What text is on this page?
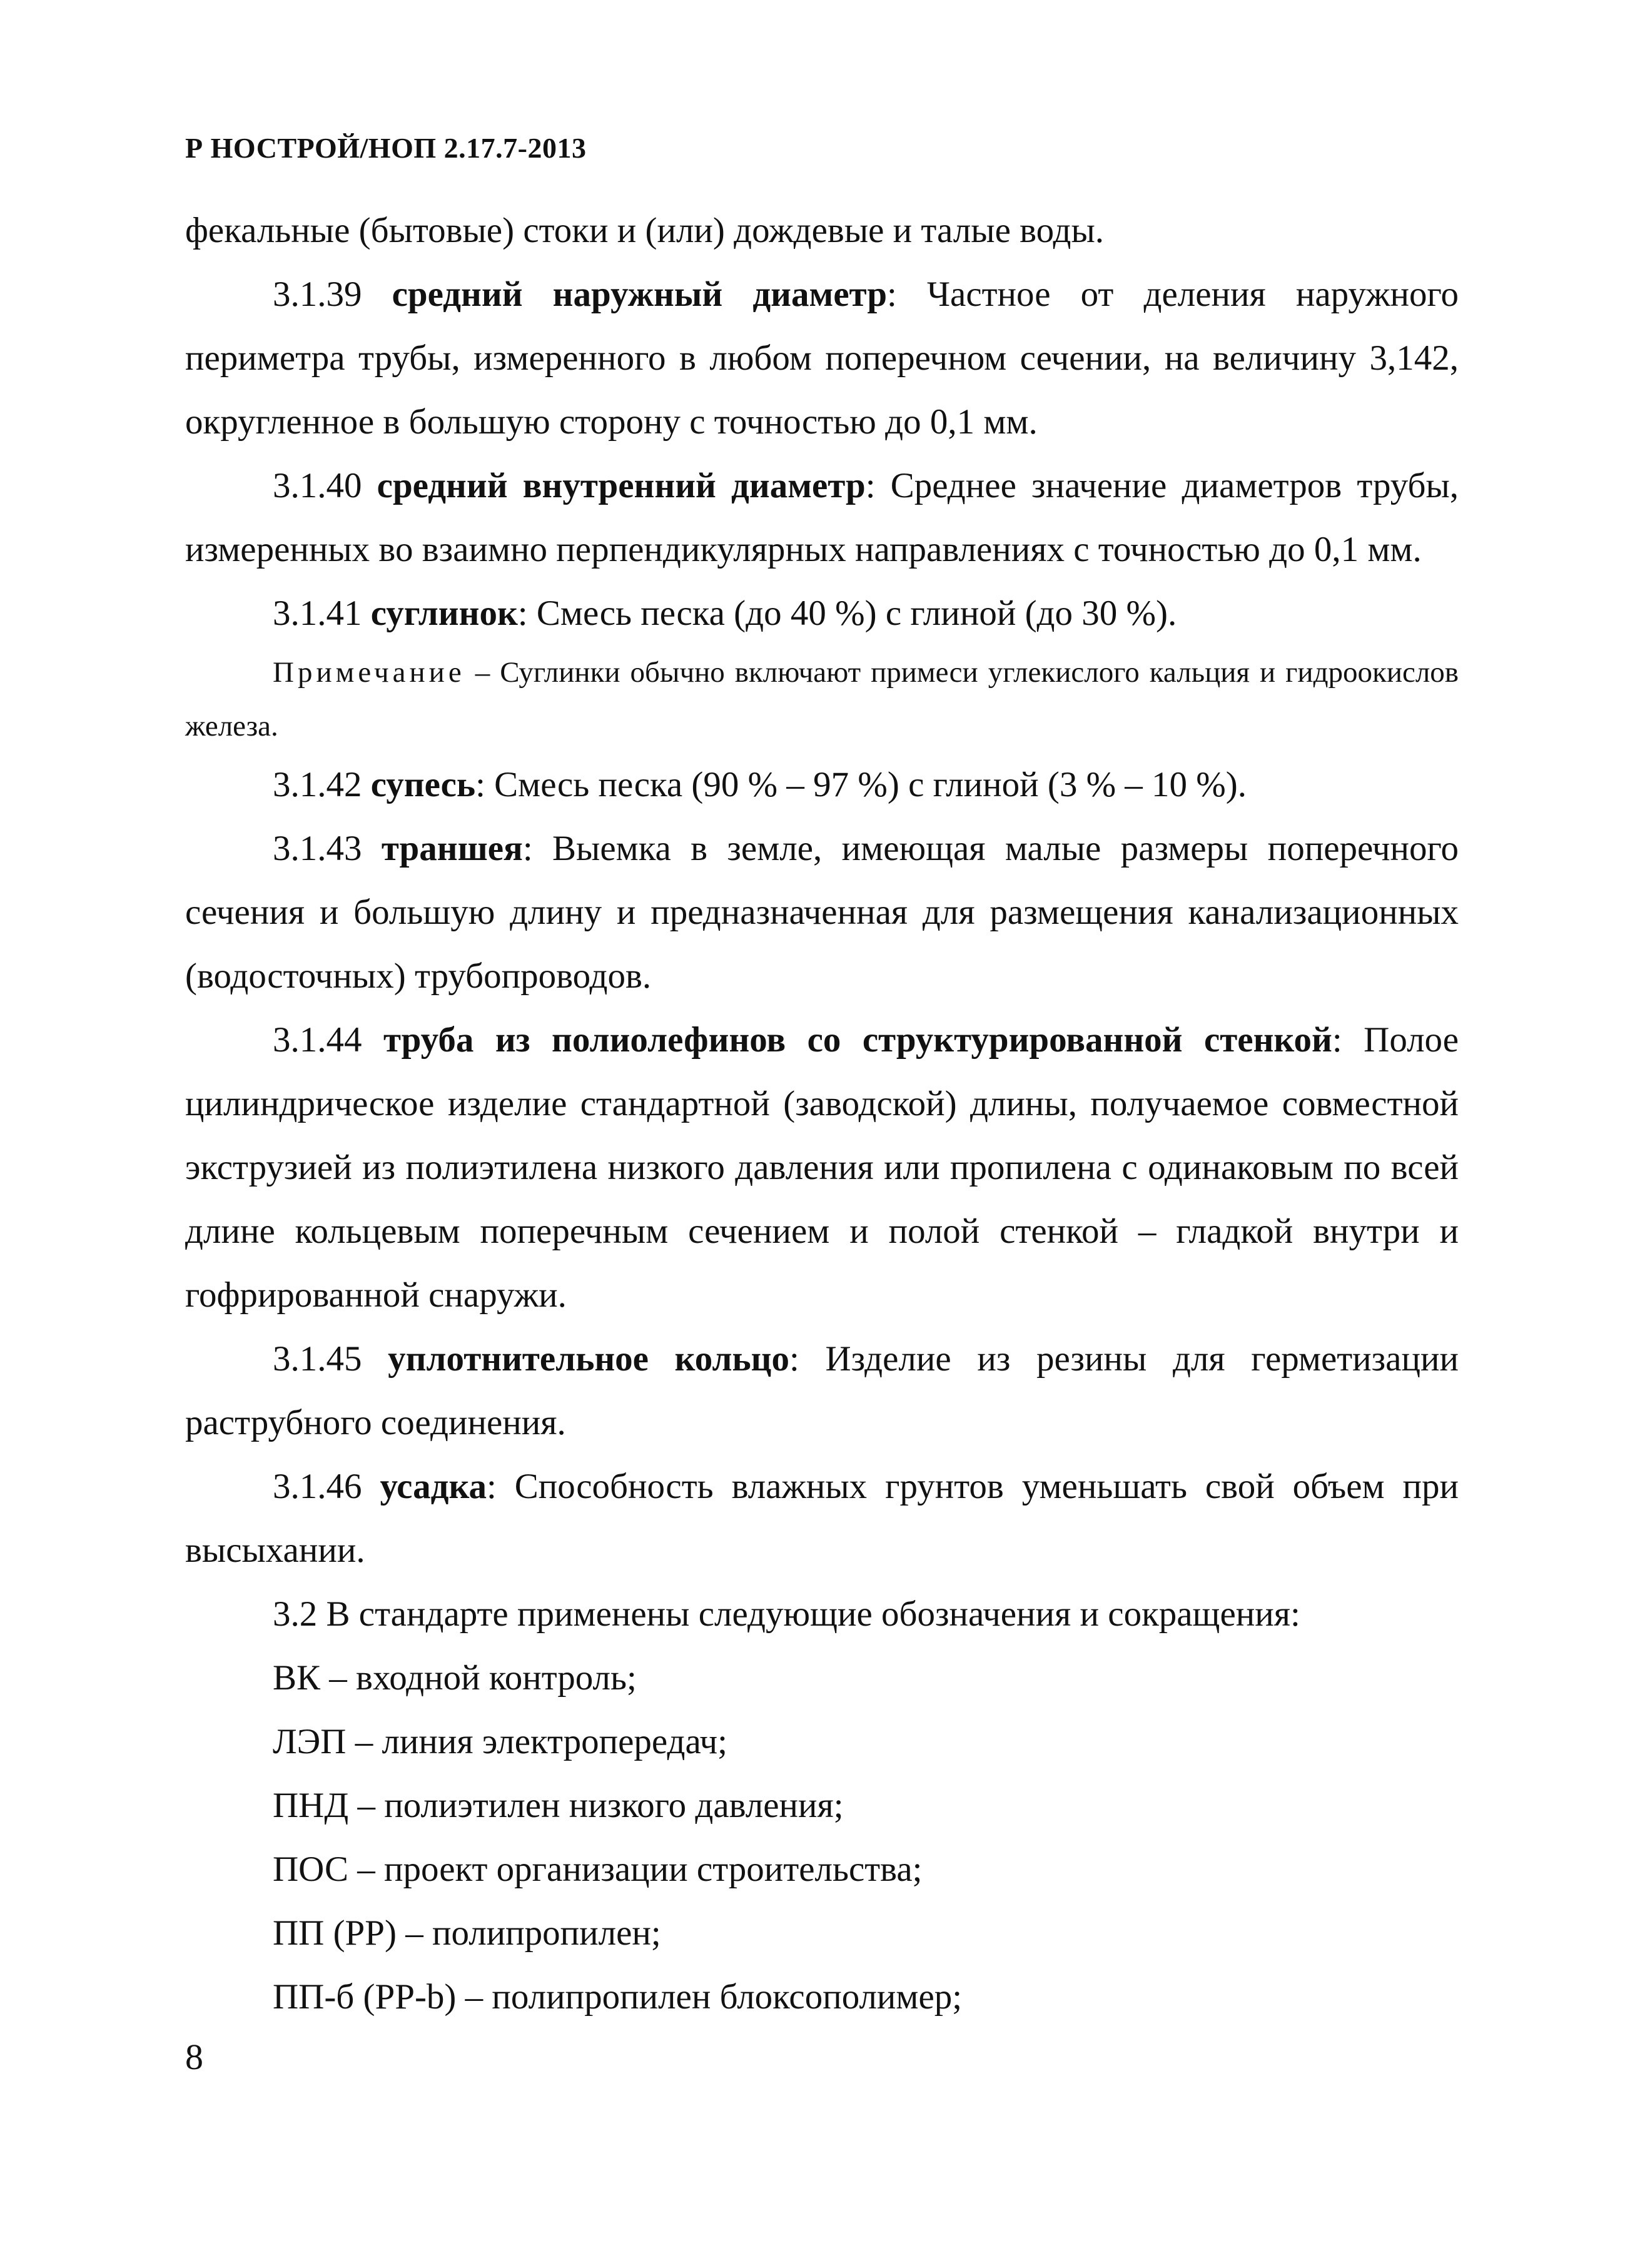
Р НОСТРОЙ/НОП 2.17.7-2013

фекальные (бытовые) стоки и (или) дождевые и талые воды.

3.1.39 средний наружный диаметр: Частное от деления наружного периметра трубы, измеренного в любом поперечном сечении, на величину 3,142, округленное в большую сторону с точностью до 0,1 мм.

3.1.40 средний внутренний диаметр: Среднее значение диаметров трубы, измеренных во взаимно перпендикулярных направлениях с точностью до 0,1 мм.

3.1.41 суглинок: Смесь песка (до 40 %) с глиной (до 30 %).

Примечание – Суглинки обычно включают примеси углекислого кальция и гидроокислов железа.

3.1.42 супесь: Смесь песка (90 % – 97 %) с глиной (3 % – 10 %).

3.1.43 траншея: Выемка в земле, имеющая малые размеры поперечного сечения и большую длину и предназначенная для размещения канализационных (водосточных) трубопроводов.

3.1.44 труба из полиолефинов со структурированной стенкой: Полое цилиндрическое изделие стандартной (заводской) длины, получаемое совместной экструзией из полиэтилена низкого давления или пропилена с одинаковым по всей длине кольцевым поперечным сечением и полой стенкой – гладкой внутри и гофрированной снаружи.

3.1.45 уплотнительное кольцо: Изделие из резины для герметизации раструбного соединения.

3.1.46 усадка: Способность влажных грунтов уменьшать свой объем при высыхании.

3.2 В стандарте применены следующие обозначения и сокращения:

ВК – входной контроль;

ЛЭП – линия электропередач;

ПНД – полиэтилен низкого давления;

ПОС – проект организации строительства;

ПП (PP) – полипропилен;

ПП-б (PP-b) – полипропилен блоксополимер;

8
